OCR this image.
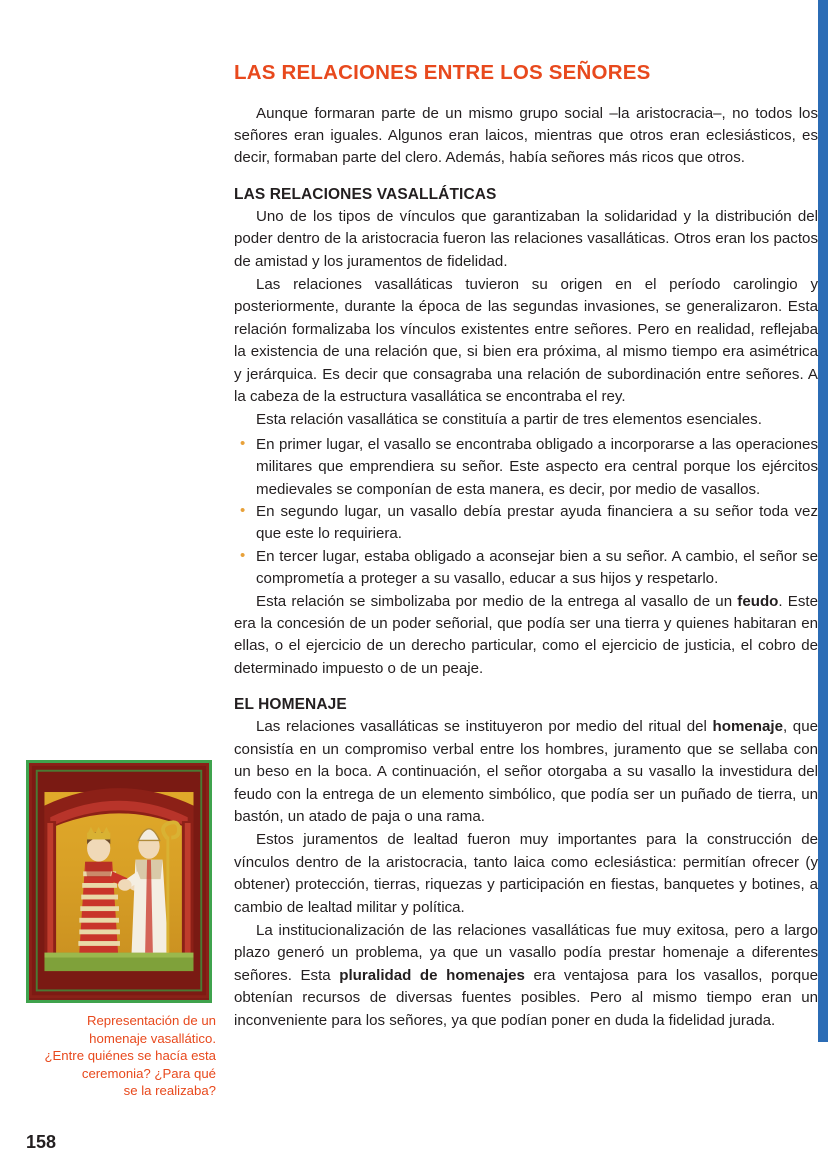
LAS RELACIONES ENTRE LOS SEÑORES

Aunque formaran parte de un mismo grupo social –la aristocracia–, no todos los señores eran iguales. Algunos eran laicos, mientras que otros eran eclesiásticos, es decir, formaban parte del clero. Además, había señores más ricos que otros.

LAS RELACIONES VASALLÁTICAS

Uno de los tipos de vínculos que garantizaban la solidaridad y la distribución del poder dentro de la aristocracia fueron las relaciones vasalláticas. Otros eran los pactos de amistad y los juramentos de fidelidad.

Las relaciones vasalláticas tuvieron su origen en el período carolingio y posteriormente, durante la época de las segundas invasiones, se generalizaron. Esta relación formalizaba los vínculos existentes entre señores. Pero en realidad, reflejaba la existencia de una relación que, si bien era próxima, al mismo tiempo era asimétrica y jerárquica. Es decir que consagraba una relación de subordinación entre señores. A la cabeza de la estructura vasallática se encontraba el rey.

Esta relación vasallática se constituía a partir de tres elementos esenciales.

• En primer lugar, el vasallo se encontraba obligado a incorporarse a las operaciones militares que emprendiera su señor. Este aspecto era central porque los ejércitos medievales se componían de esta manera, es decir, por medio de vasallos.
• En segundo lugar, un vasallo debía prestar ayuda financiera a su señor toda vez que este lo requiriera.
• En tercer lugar, estaba obligado a aconsejar bien a su señor. A cambio, el señor se comprometía a proteger a su vasallo, educar a sus hijos y respetarlo.

Esta relación se simbolizaba por medio de la entrega al vasallo de un feudo. Este era la concesión de un poder señorial, que podía ser una tierra y quienes habitaran en ellas, o el ejercicio de un derecho particular, como el ejercicio de justicia, el cobro de determinado impuesto o de un peaje.

EL HOMENAJE

Las relaciones vasalláticas se instituyeron por medio del ritual del homenaje, que consistía en un compromiso verbal entre los hombres, juramento que se sellaba con un beso en la boca. A continuación, el señor otorgaba a su vasallo la investidura del feudo con la entrega de un elemento simbólico, que podía ser un puñado de tierra, un bastón, un atado de paja o una rama.

Estos juramentos de lealtad fueron muy importantes para la construcción de vínculos dentro de la aristocracia, tanto laica como eclesiástica: permitían ofrecer (y obtener) protección, tierras, riquezas y participación en fiestas, banquetes y botines, a cambio de lealtad militar y política.

La institucionalización de las relaciones vasalláticas fue muy exitosa, pero a largo plazo generó un problema, ya que un vasallo podía prestar homenaje a diferentes señores. Esta pluralidad de homenajes era ventajosa para los vasallos, porque obtenían recursos de diversas fuentes posibles. Pero al mismo tiempo eran un inconveniente para los señores, ya que podían poner en duda la fidelidad jurada.

Representación de un
homenaje vasallático.
¿Entre quiénes se hacía esta
ceremonia? ¿Para qué
se la realizaba?
158
